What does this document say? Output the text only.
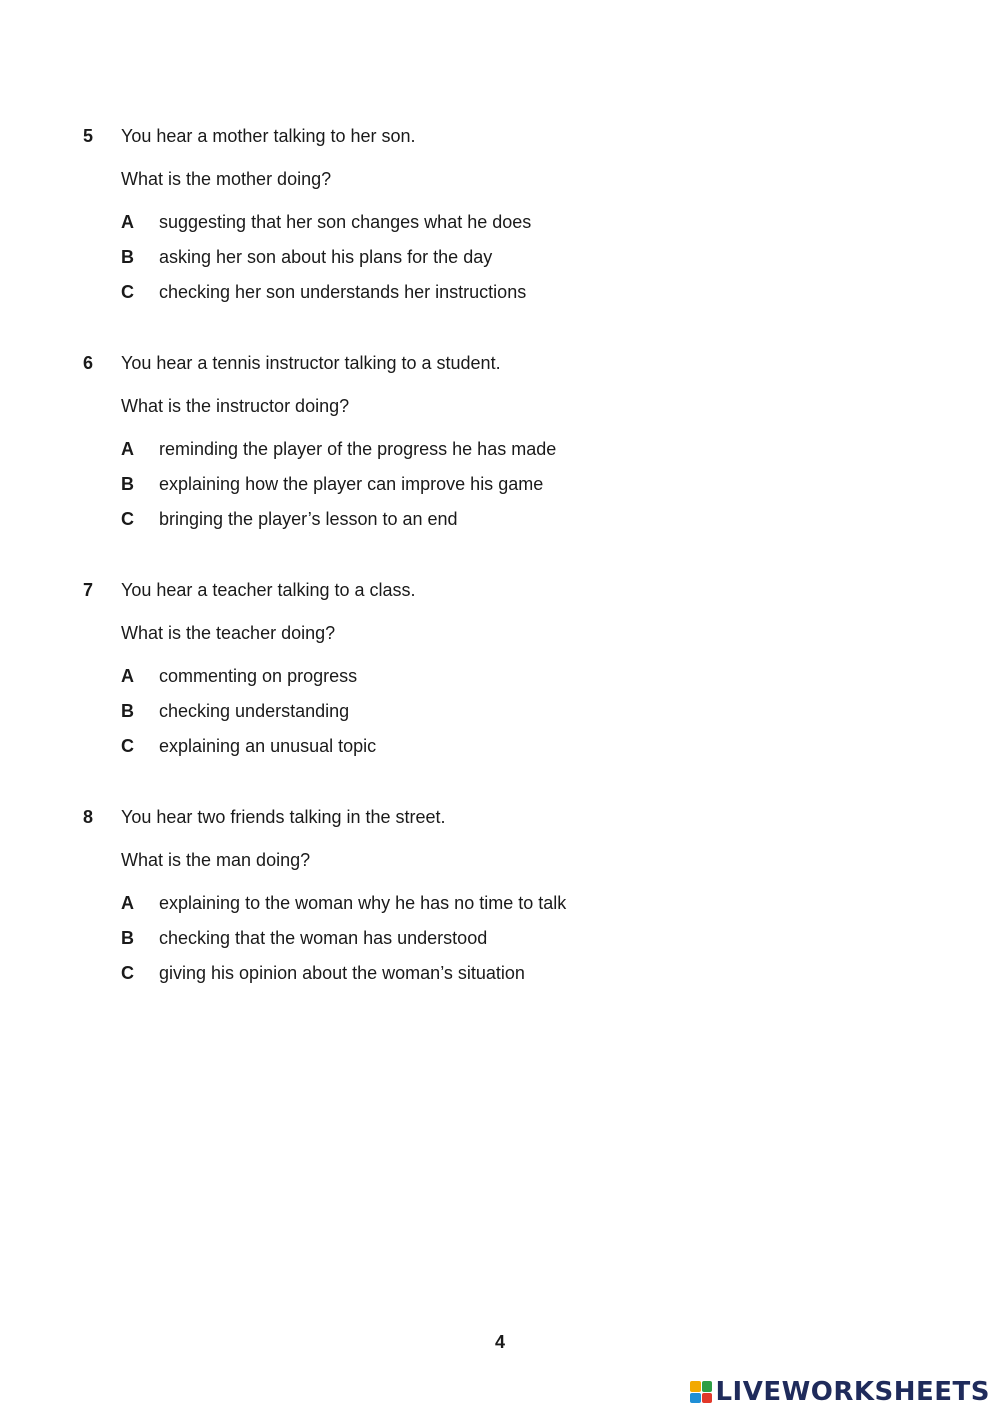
5 You hear a mother talking to her son.
What is the mother doing?
A suggesting that her son changes what he does
B asking her son about his plans for the day
C checking her son understands her instructions
6 You hear a tennis instructor talking to a student.
What is the instructor doing?
A reminding the player of the progress he has made
B explaining how the player can improve his game
C bringing the player’s lesson to an end
7 You hear a teacher talking to a class.
What is the teacher doing?
A commenting on progress
B checking understanding
C explaining an unusual topic
8 You hear two friends talking in the street.
What is the man doing?
A explaining to the woman why he has no time to talk
B checking that the woman has understood
C giving his opinion about the woman’s situation
4
LIVEWORKSHEETS
